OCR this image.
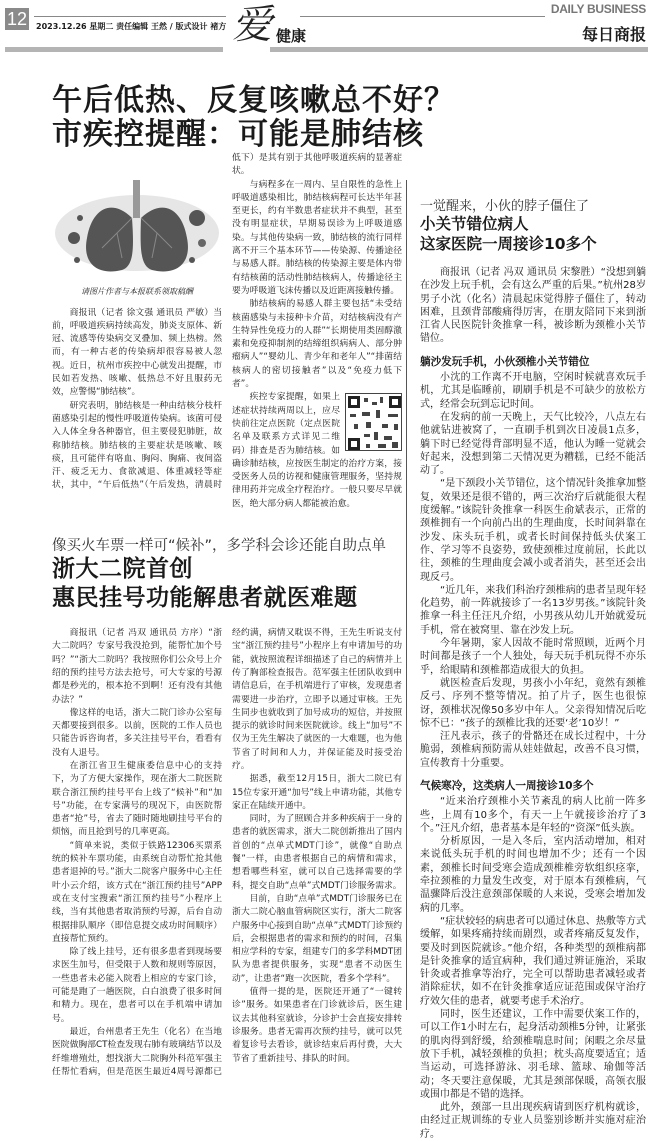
12 2023.12.26 星期二 责任编辑 王然 / 版式设计 褚方 爱 健康
DAILY BUSINESS
每日商报
午后低热、反复咳嗽总不好？
市疾控提醒：可能是肺结核
请图片作者与本报联系领取稿酬

商报讯（记者 徐文强 通讯员 严敏）当前，呼吸道疾病持续高发，肺炎支原体、新冠、流感等传染病交叉叠加、频上热榜。然而，有一种古老的传染病却很容易被人忽视。近日，杭州市疾控中心就发出提醒，市民如若发热、咳嗽、低热总不好且服药无效，应警惕“肺结核”。

研究表明，肺结核是一种由结核分枝杆菌感染引起的慢性呼吸道传染病。该菌可侵入人体全身各种器官，但主要侵犯肺脏，故称肺结核。肺结核的主要症状是咳嗽、咳痰，且可能伴有咯血、胸闷、胸痛、夜间盗汗、疲乏无力、食欲减退、体重减轻等症状，其中，“午后低热”（午后发热，清晨时低下）是其有别于其他呼吸道疾病的显著症状。

与病程多在一周内、呈自限性的急性上呼吸道感染相比，肺结核病程可长达半年甚至更长，约有半数患者症状并不典型，甚至没有明显症状，早期易误诊为上呼吸道感染。与其他传染病一致，肺结核的流行同样离不开三个基本环节——传染源、传播途径与易感人群。肺结核的传染源主要是体内带有结核菌的活动性肺结核病人，传播途径主要为呼吸道飞沫传播以及近距离接触传播。

肺结核病的易感人群主要包括“未受结核菌感染与未接种卡介苗，对结核病没有产生特异性免疫力的人群”“长期使用类固醇激素和免疫抑制剂的结缔组织病病人、部分肿瘤病人”“婴幼儿、青少年和老年人”“排菌结核病人的密切接触者”以及“免疫力低下者”。

疾控专家提醒，如果上述症状持续两周以上，应尽快前往定点医院（定点医院名单及联系方式详见二维码）排查是否为肺结核。如确诊肺结核，应按医生制定的治疗方案，接受医务人员的访视和健康管理服务，坚持规律用药并完成全疗程治疗。一般只要尽早就医，绝大部分病人都能被治愈。

像买火车票一样可“候补”，多学科会诊还能自助点单
浙大二院首创
惠民挂号功能解患者就医难题

商报讯（记者 冯双 通讯员 方序）“浙大二院吗？专家号我没抢到，能帮忙加个号吗？”“浙大二院吗？我按照你们公众号上介绍的预约挂号方法去抢号，可大专家的号源都是秒光的，根本抢不到啊！还有没有其他办法？”

像这样的电话，浙大二院门诊办公室每天都要接到很多。以前，医院的工作人员也只能告诉咨询者，多关注挂号平台，看看有没有人退号。

在浙江省卫生健康委信息中心的支持下，为了方便大家操作，现在浙大二院医院联合浙江预约挂号平台上线了“候补”和“加号”功能，在专家满号的现况下，由医院帮患者“抢”号，省去了随时随地刷挂号平台的烦恼，而且抢到号的几率更高。

“简单来说，类似于铁路12306买票系统的候补车票功能，由系统自动帮忙抢其他患者退掉的号。”浙大二院客户服务中心主任叶小云介绍，该方式在“浙江预约挂号”APP或在支付宝搜索“浙江预约挂号”小程序上线，当有其他患者取消预约号源，后台自动根据排队顺序（即信息提交成功时间顺序）直接帮忙预约。

除了线上挂号，还有很多患者到现场要求医生加号，但受限于人数和规则等原因，一些患者未必能入院看上相应的专家门诊，可能是跑了一趟医院，白白浪费了很多时间和精力。现在，患者可以在手机端申请加号。

最近，台州患者王先生（化名）在当地医院做胸部CT检查发现右肺有玻璃结节以及纤维增殖灶，想找浙大二院胸外科范军强主任帮忙看病，但是范医生最近4周号源都已经约满，病情又耽误不得，王先生听说支付宝“浙江预约挂号”小程序上有申请加号的功能，就按照流程详细描述了自己的病情并上传了胸部检查报告。范军强主任团队收到申请信息后，在手机端进行了审核，发现患者需要进一步治疗，立即予以通过审核。王先生同步也就收到了加号成功的短信，并按照提示的就诊时间来医院就诊。线上“加号”不仅为王先生解决了就医的一大难题，也为他节省了时间和人力，并保证能及时接受治疗。

据悉，截至12月15日，浙大二院已有15位专家开通“加号”线上申请功能，其他专家正在陆续开通中。

同时，为了照顾合并多种疾病于一身的患者的就医需求，浙大二院创新推出了国内首创的“点单式MDT门诊”，就像“自助点餐”一样，由患者根据自己的病情和需求，想看哪些科室，就可以自己选择需要的学科，提交自助“点单”式MDT门诊服务需求。

目前，自助“点单”式MDT门诊服务已在浙大二院心脑血管病院区实行，浙大二院客户服务中心接到自助“点单”式MDT门诊预约后，会根据患者的需求和预约的时间，召集相应学科的专家，组建专门的多学科MDT团队为患者提供服务，实现“患者不动医生动”，让患者“跑一次医院，看多个学科”。

值得一提的是，医院还开通了“一键转诊”服务。如果患者在门诊就诊后，医生建议去其他科室就诊，分诊护士会直接安排转诊服务。患者无需再次预约挂号，就可以凭着复诊号去看诊，就诊结束后再付费，大大节省了重新挂号、排队的时间。

一觉醒来，小伙的脖子僵住了
小关节错位病人
这家医院一周接诊10多个

商报讯（记者 冯双 通讯员 宋黎胜）“没想到躺在沙发上玩手机，会有这么严重的后果。”杭州28岁男子小沈（化名）清晨起床觉得脖子僵住了，转动困难，且颈背部酸痛得厉害，在朋友陪同下来到浙江省人民医院针灸推拿一科，被诊断为颈椎小关节错位。

躺沙发玩手机，小伙颈椎小关节错位

小沈的工作离不开电脑，空闲时候就喜欢玩手机，尤其是临睡前，刷刷手机是不可缺少的放松方式，经常会玩到忘记时间。

在发病的前一天晚上，天气比较冷，八点左右他就钻进被窝了，一直刷手机到次日凌晨1点多，躺下时已经觉得背部明显不适，他认为睡一觉就会好起来，没想到第二天情况更为糟糕，已经不能活动了。

“是下颈段小关节错位，这个情况针灸推拿加整复，效果还是很不错的，两三次治疗后就能很大程度缓解。”该院针灸推拿一科医生俞斌表示，正常的颈椎拥有一个向前凸出的生理曲度，长时间斜靠在沙发、床头玩手机，或者长时间保持低头伏案工作、学习等不良姿势，致使颈椎过度前屈，长此以往，颈椎的生理曲度会减小或者消失，甚至还会出现反弓。

“近几年，来我们科治疗颈椎病的患者呈现年轻化趋势，前一阵就接诊了一名13岁男孩。”该院针灸推拿一科主任汪凡介绍，小男孩从幼儿开始就爱玩手机，常在被窝里、靠在沙发上玩。

今年暑期，家人因故不能时常照顾，近两个月时间都是孩子一个人独处，每天玩手机玩得不亦乐乎，给眼睛和颈椎都造成很大的负担。

就医检查后发现，男孩小小年纪，竟然有颈椎反弓、序列不整等情况。拍了片子，医生也很惊讶，颈椎状况像50多岁中年人。父亲得知情况后吃惊不已：“孩子的颈椎比我的还要‘老’10岁！”

汪凡表示，孩子的骨骼还在成长过程中，十分脆弱，颈椎病预防需从娃娃做起，改善不良习惯，宣传教育十分重要。

气候寒冷，这类病人一周接诊10多个

“近来治疗颈椎小关节紊乱的病人比前一阵多些，上周有10多个，有天一上午就接诊治疗了3个。”汪凡介绍，患者基本是年轻的“资深”低头族。

分析原因，一是入冬后，室内活动增加，相对来说低头玩手机的时间也增加不少；还有一个因素，颈椎长时间受寒会造成颈椎椎旁软组织痉挛，牵拉颈椎的力量发生改变，对于原本有颈椎病，气温骤降后没注意颈部保暖的人来说，受寒会增加发病的几率。

“症状较轻的病患者可以通过休息、热敷等方式缓解，如果疼痛持续而剧烈，或者疼痛反复发作，要及时到医院就诊。”他介绍，各种类型的颈椎病都是针灸推拿的适宜病种，我们通过辨证施治，采取针灸或者推拿等治疗，完全可以帮助患者减轻或者消除症状，如不在针灸推拿适应证范围或保守治疗疗效欠佳的患者，就要考虑手术治疗。

同时，医生还建议，工作中需要伏案工作的，可以工作1小时左右，起身活动颈椎5分钟，让紧张的肌肉得到舒缓，给颈椎喘息时间；闲暇之余尽量放下手机，减轻颈椎的负担；枕头高度要适宜；适当运动，可选择游泳、羽毛球、篮球、瑜伽等活动；冬天要注意保暖，尤其是颈部保暖，高领衣服或围巾都是不错的选择。

此外，颈部一旦出现疾病请到医疗机构就诊，由经过正规训练的专业人员鉴别诊断并实施对症治疗。
